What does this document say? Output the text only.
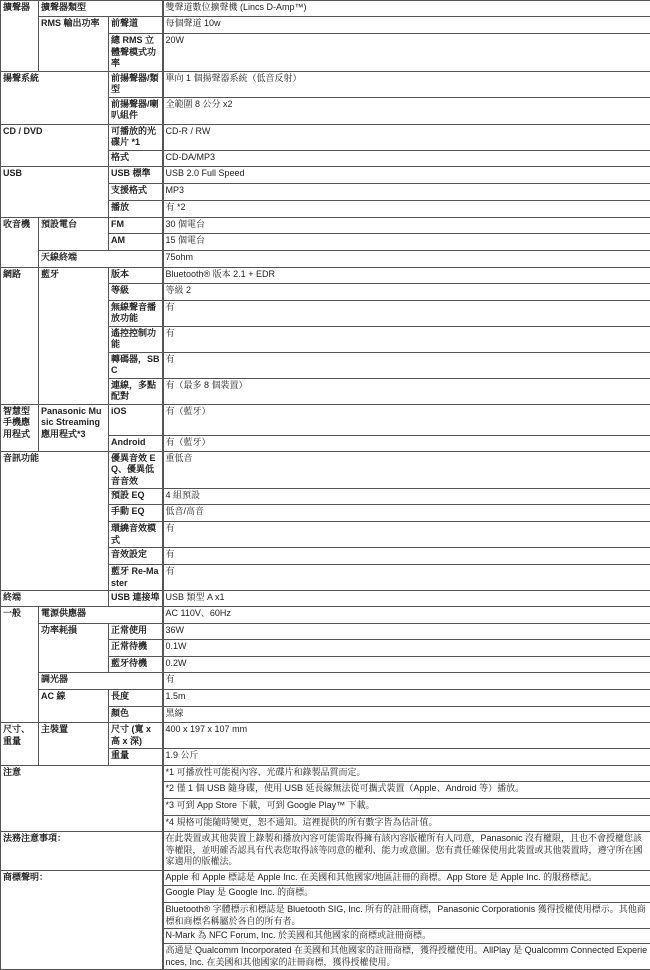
擴聲器	擴聲器類型		雙聲道數位擴聲機 (Lincs D-Amp™)
	RMS 輸出功率	前聲道	每個聲道 10w
		總 RMS 立體聲模式功率	20W
揚聲系統		前揚聲器/類型	單向 1 個揚聲器系統（低音反射）
		前揚聲器/喇叭組件	全範圍 8 公分 x2
CD / DVD		可播放的光碟片 *1	CD-R / RW
		格式	CD-DA/MP3
USB		USB 標準	USB 2.0 Full Speed
		支援格式	MP3
		播放	有 *2
收音機	預設電台	FM	30 個電台
		AM	15 個電台
	天線終端		75ohm
網路	藍牙	版本	Bluetooth® 版本 2.1 + EDR
		等級	等級 2
		無線聲音播放功能	有
		遙控控制功能	有
		轉碼器，SBC	有
		連線，多點配對	有（最多 8 個裝置）
智慧型手機應用程式	Panasonic Music Streaming 應用程式*3	iOS	有（藍牙）
		Android	有（藍牙）
音訊功能		優異音效 EQ、優異低音音效	重低音
		預設 EQ	4 組預設
		手動 EQ	低音/高音
		環繞音效模式	有
		音效設定	有
		藍牙 Re-Master	有
終端		USB 連接埠	USB 類型 A x1
一般	電源供應器		AC 110V、60Hz
	功率耗損	正常使用	36W
		正常待機	0.1W
		藍牙待機	0.2W
	調光器		有
	AC 線	長度	1.5m
		顏色	黑線
尺寸、重量	主裝置	尺寸 (寬 x 高 x 深)	400 x 197 x 107 mm
		重量	1.9 公斤
注意			*1 可播放性可能視內容、光碟片和錄製品質而定。
			*2 僅 1 個 USB 隨身碟，使用 USB 延長線無法從可攜式裝置（Apple、Android 等）播放。
			*3 可到 App Store 下載，可到 Google Play™ 下載。
			*4 規格可能隨時變更，恕不通知。這裡提供的所有數字皆為估計值。
法務注意事項：			在此裝置或其他裝置上錄製和播放內容可能需取得擁有該內容版權所有人同意，Panasonic 沒有權限，且也不會授權您該等權限，並明確否認具有代表您取得該等同意的權利、能力或意圖。您有責任確保使用此裝置或其他裝置時，遵守所在國家適用的版權法。
商標聲明：			Apple 和 Apple 標誌是 Apple Inc. 在美國和其他國家/地區註冊的商標。App Store 是 Apple Inc. 的服務標記。
			Google Play 是 Google Inc. 的商標。
			Bluetooth® 字體標示和標誌是 Bluetooth SIG, Inc. 所有的註冊商標，Panasonic Corporationis 獲得授權使用標示。其他商標和商標名稱屬於各自的所有者。
			N-Mark 為 NFC Forum, Inc. 於美國和其他國家的商標或註冊商標。
			高通是 Qualcomm Incorporated 在美國和其他國家的註冊商標，獲得授權使用。AllPlay 是 Qualcomm Connected Experiences, Inc. 在美國和其他國家的註冊商標，獲得授權使用。
